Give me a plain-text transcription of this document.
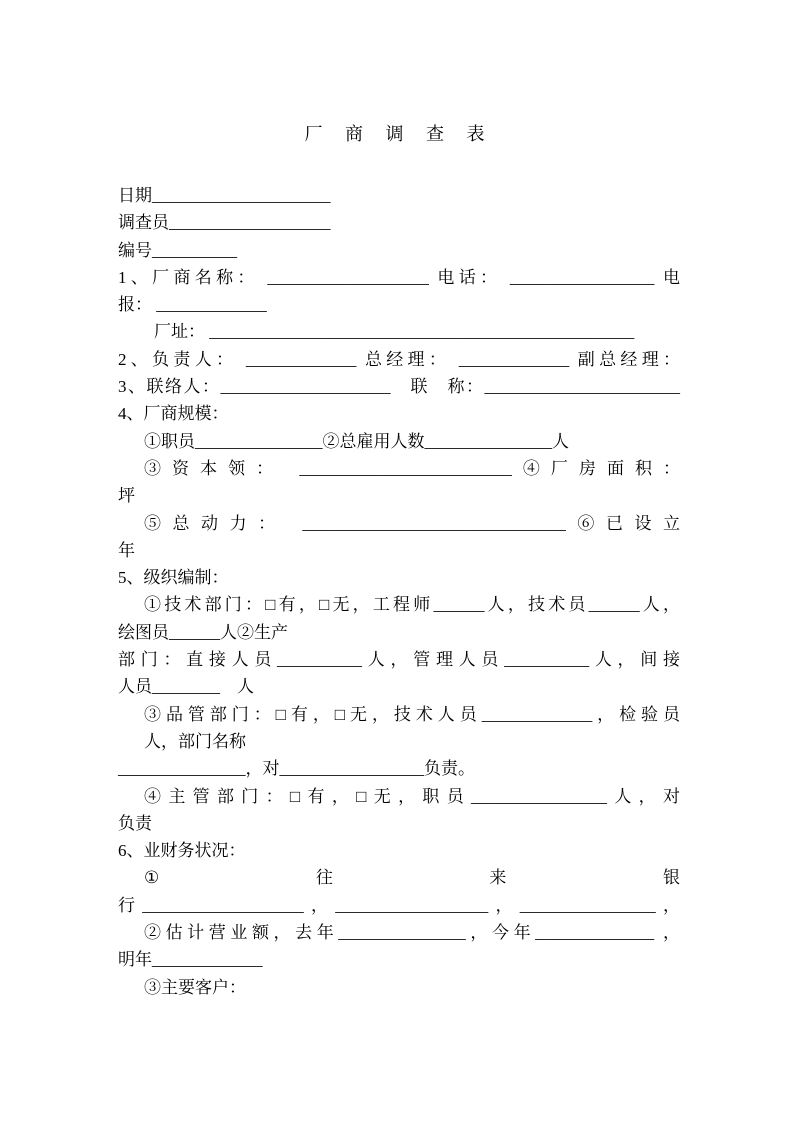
厂 商 调 查 表
日期_____________________
调查员___________________
编号__________
1、厂商名称： ___________________ 电话： _________________ 电
报： _____________
厂址： __________________________________________________
2、负责人： _____________ 总经理： _____________ 副总经理：
3、联络人：____________________　联　称：_______________________
4、厂商规模：
①职员_______________②总雇用人数_______________人
③资本领： _________________________④厂房面积：
坪
⑤总动力： _______________________________⑥已设立
年
5、级织编制：
①技术部门：□有，□无，工程师______人，技术员______人，
绘图员______人②生产
部门：直接人员__________人，管理人员__________人，间接
人员________　人
③品管部门：□有，□无，技术人员_____________，检验员
人，部门名称
_______________，对_________________负责。
④主管部门：□有，□无，职员________________人，对
负责
6、业财务状况：
①	往	来	银
行___________________，__________________，________________，
②估计营业额，去年_______________，今年______________ ，
明年_____________
③主要客户：
